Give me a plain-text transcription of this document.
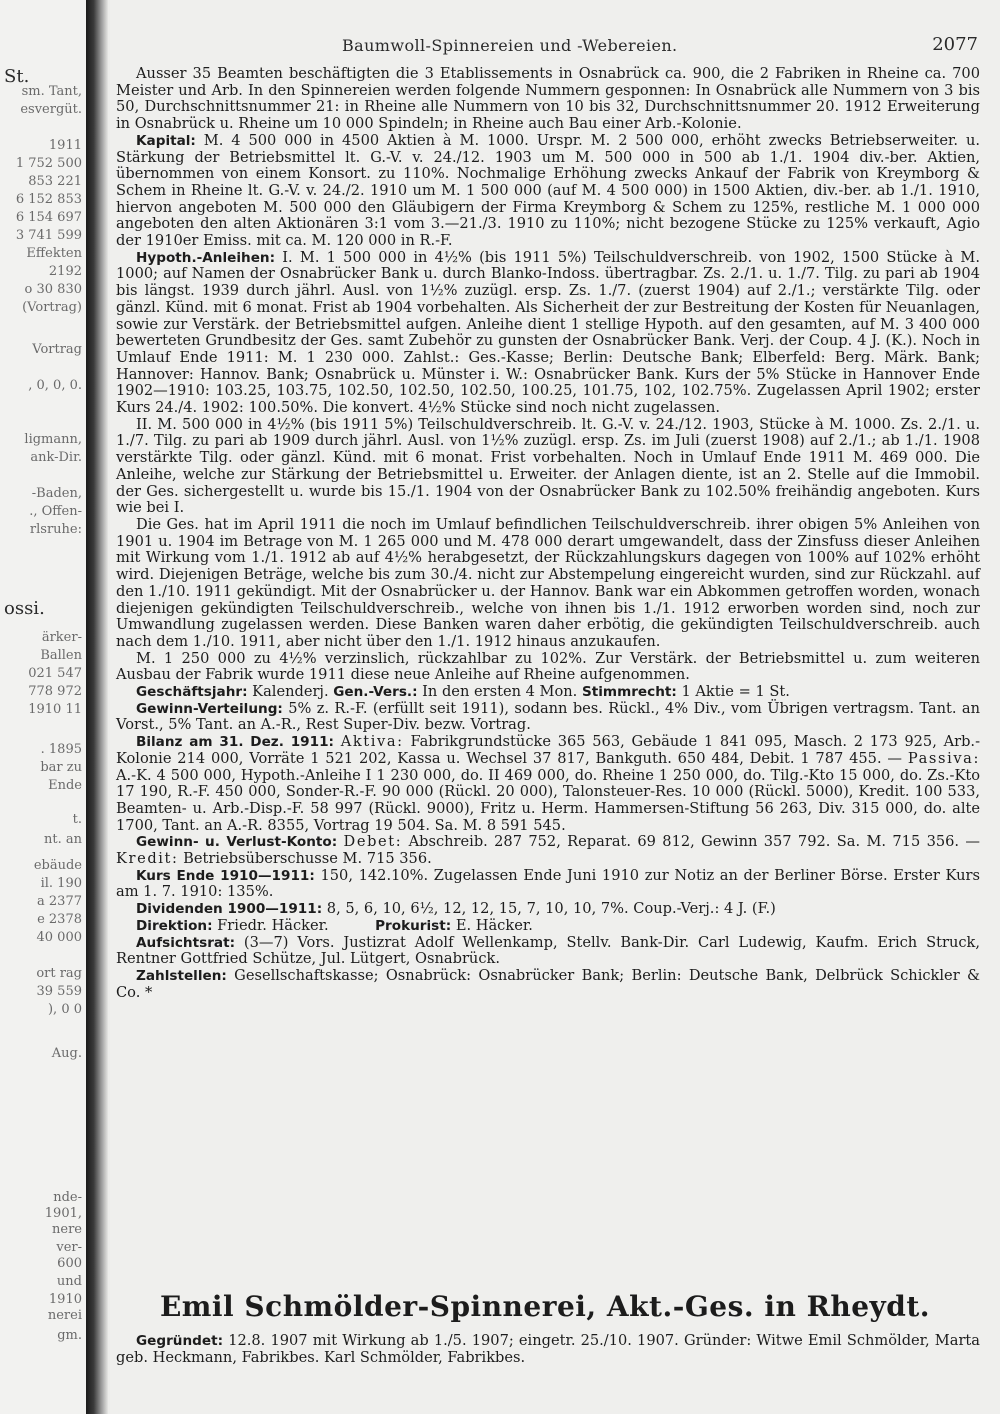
St.
sm. Tant,
esvergüt.
1911
1 752 500
853 221
6 152 853
6 154 697
3 741 599
Effekten
2192
o 30 830
(Vortrag)
Vortrag
, 0, 0, 0.
ligmann,
ank-Dir.
-Baden,
., Offen-
rlsruhe:
ossi.
ärker-
Ballen
021 547
778 972
1910 11
. 1895
bar zu
Ende
t.
nt. an
ebäude
il. 190
a 2377
e 2378
40 000
ort rag
39 559
), 0 0
Aug.
nde-
1901,
nere
ver-
600
und
1910
nerei
gm.
Baumwoll-Spinnereien und -Webereien.	2077

Ausser 35 Beamten beschäftigten die 3 Etablissements in Osnabrück ca. 900, die 2 Fabriken in Rheine ca. 700 Meister und Arb. In den Spinnereien werden folgende Nummern gesponnen: In Osnabrück alle Nummern von 3 bis 50, Durchschnittsnummer 21: in Rheine alle Nummern von 10 bis 32, Durchschnittsnummer 20. 1912 Erweiterung in Osnabrück u. Rheine um 10 000 Spindeln; in Rheine auch Bau einer Arb.-Kolonie.

Kapital: M. 4 500 000 in 4500 Aktien à M. 1000. Urspr. M. 2 500 000, erhöht zwecks Betriebserweiter. u. Stärkung der Betriebsmittel lt. G.-V. v. 24./12. 1903 um M. 500 000 in 500 ab 1./1. 1904 div.-ber. Aktien, übernommen von einem Konsort. zu 110%. Nochmalige Erhöhung zwecks Ankauf der Fabrik von Kreymborg & Schem in Rheine lt. G.-V. v. 24./2. 1910 um M. 1 500 000 (auf M. 4 500 000) in 1500 Aktien, div.-ber. ab 1./1. 1910, hiervon angeboten M. 500 000 den Gläubigern der Firma Kreymborg & Schem zu 125%, restliche M. 1 000 000 angeboten den alten Aktionären 3:1 vom 3.—21./3. 1910 zu 110%; nicht bezogene Stücke zu 125% verkauft, Agio der 1910er Emiss. mit ca. M. 120 000 in R.-F.

Hypoth.-Anleihen: I. M. 1 500 000 in 4½% (bis 1911 5%) Teilschuldverschreib. von 1902, 1500 Stücke à M. 1000; auf Namen der Osnabrücker Bank u. durch Blanko-Indoss. übertragbar. Zs. 2./1. u. 1./7. Tilg. zu pari ab 1904 bis längst. 1939 durch jährl. Ausl. von 1½% zuzügl. ersp. Zs. 1./7. (zuerst 1904) auf 2./1.; verstärkte Tilg. oder gänzl. Künd. mit 6 monat. Frist ab 1904 vorbehalten. Als Sicherheit der zur Bestreitung der Kosten für Neuanlagen, sowie zur Verstärk. der Betriebsmittel aufgen. Anleihe dient 1 stellige Hypoth. auf den gesamten, auf M. 3 400 000 bewerteten Grundbesitz der Ges. samt Zubehör zu gunsten der Osnabrücker Bank. Verj. der Coup. 4 J. (K.). Noch in Umlauf Ende 1911: M. 1 230 000. Zahlst.: Ges.-Kasse; Berlin: Deutsche Bank; Elberfeld: Berg. Märk. Bank; Hannover: Hannov. Bank; Osnabrück u. Münster i. W.: Osnabrücker Bank. Kurs der 5% Stücke in Hannover Ende 1902—1910: 103.25, 103.75, 102.50, 102.50, 102.50, 100.25, 101.75, 102, 102.75%. Zugelassen April 1902; erster Kurs 24./4. 1902: 100.50%. Die konvert. 4½% Stücke sind noch nicht zugelassen.

II. M. 500 000 in 4½% (bis 1911 5%) Teilschuldverschreib. lt. G.-V. v. 24./12. 1903, Stücke à M. 1000. Zs. 2./1. u. 1./7. Tilg. zu pari ab 1909 durch jährl. Ausl. von 1½% zuzügl. ersp. Zs. im Juli (zuerst 1908) auf 2./1.; ab 1./1. 1908 verstärkte Tilg. oder gänzl. Künd. mit 6 monat. Frist vorbehalten. Noch in Umlauf Ende 1911 M. 469 000. Die Anleihe, welche zur Stärkung der Betriebsmittel u. Erweiter. der Anlagen diente, ist an 2. Stelle auf die Immobil. der Ges. sichergestellt u. wurde bis 15./1. 1904 von der Osnabrücker Bank zu 102.50% freihändig angeboten. Kurs wie bei I.

Die Ges. hat im April 1911 die noch im Umlauf befindlichen Teilschuldverschreib. ihrer obigen 5% Anleihen von 1901 u. 1904 im Betrage von M. 1 265 000 und M. 478 000 derart umgewandelt, dass der Zinsfuss dieser Anleihen mit Wirkung vom 1./1. 1912 ab auf 4½% herabgesetzt, der Rückzahlungskurs dagegen von 100% auf 102% erhöht wird. Diejenigen Beträge, welche bis zum 30./4. nicht zur Abstempelung eingereicht wurden, sind zur Rückzahl. auf den 1./10. 1911 gekündigt. Mit der Osnabrücker u. der Hannov. Bank war ein Abkommen getroffen worden, wonach diejenigen gekündigten Teilschuldverschreib., welche von ihnen bis 1./1. 1912 erworben worden sind, noch zur Umwandlung zugelassen werden. Diese Banken waren daher erbötig, die gekündigten Teilschuldverschreib. auch nach dem 1./10. 1911, aber nicht über den 1./1. 1912 hinaus anzukaufen.

M. 1 250 000 zu 4½% verzinslich, rückzahlbar zu 102%. Zur Verstärk. der Betriebsmittel u. zum weiteren Ausbau der Fabrik wurde 1911 diese neue Anleihe auf Rheine aufgenommen.

Geschäftsjahr: Kalenderj. Gen.-Vers.: In den ersten 4 Mon. Stimmrecht: 1 Aktie = 1 St.

Gewinn-Verteilung: 5% z. R.-F. (erfüllt seit 1911), sodann bes. Rückl., 4% Div., vom Übrigen vertragsm. Tant. an Vorst., 5% Tant. an A.-R., Rest Super-Div. bezw. Vortrag.

Bilanz am 31. Dez. 1911: Aktiva: Fabrikgrundstücke 365 563, Gebäude 1 841 095, Masch. 2 173 925, Arb.-Kolonie 214 000, Vorräte 1 521 202, Kassa u. Wechsel 37 817, Bankguth. 650 484, Debit. 1 787 455. — Passiva: A.-K. 4 500 000, Hypoth.-Anleihe I 1 230 000, do. II 469 000, do. Rheine 1 250 000, do. Tilg.-Kto 15 000, do. Zs.-Kto 17 190, R.-F. 450 000, Sonder-R.-F. 90 000 (Rückl. 20 000), Talonsteuer-Res. 10 000 (Rückl. 5000), Kredit. 100 533, Beamten- u. Arb.-Disp.-F. 58 997 (Rückl. 9000), Fritz u. Herm. Hammersen-Stiftung 56 263, Div. 315 000, do. alte 1700, Tant. an A.-R. 8355, Vortrag 19 504. Sa. M. 8 591 545.

Gewinn- u. Verlust-Konto: Debet: Abschreib. 287 752, Reparat. 69 812, Gewinn 357 792. Sa. M. 715 356. — Kredit: Betriebsüberschusse M. 715 356.

Kurs Ende 1910—1911: 150, 142.10%. Zugelassen Ende Juni 1910 zur Notiz an der Berliner Börse. Erster Kurs am 1. 7. 1910: 135%.

Dividenden 1900—1911: 8, 5, 6, 10, 6½, 12, 12, 15, 7, 10, 10, 7%. Coup.-Verj.: 4 J. (F.)

Direktion: Friedr. Häcker.	Prokurist: E. Häcker.

Aufsichtsrat: (3—7) Vors. Justizrat Adolf Wellenkamp, Stellv. Bank-Dir. Carl Ludewig, Kaufm. Erich Struck, Rentner Gottfried Schütze, Jul. Lütgert, Osnabrück.

Zahlstellen: Gesellschaftskasse; Osnabrück: Osnabrücker Bank; Berlin: Deutsche Bank, Delbrück Schickler & Co. *

Emil Schmölder-Spinnerei, Akt.-Ges. in Rheydt.

Gegründet: 12.8. 1907 mit Wirkung ab 1./5. 1907; eingetr. 25./10. 1907. Gründer: Witwe Emil Schmölder, Marta geb. Heckmann, Fabrikbes. Karl Schmölder, Fabrikbes.
